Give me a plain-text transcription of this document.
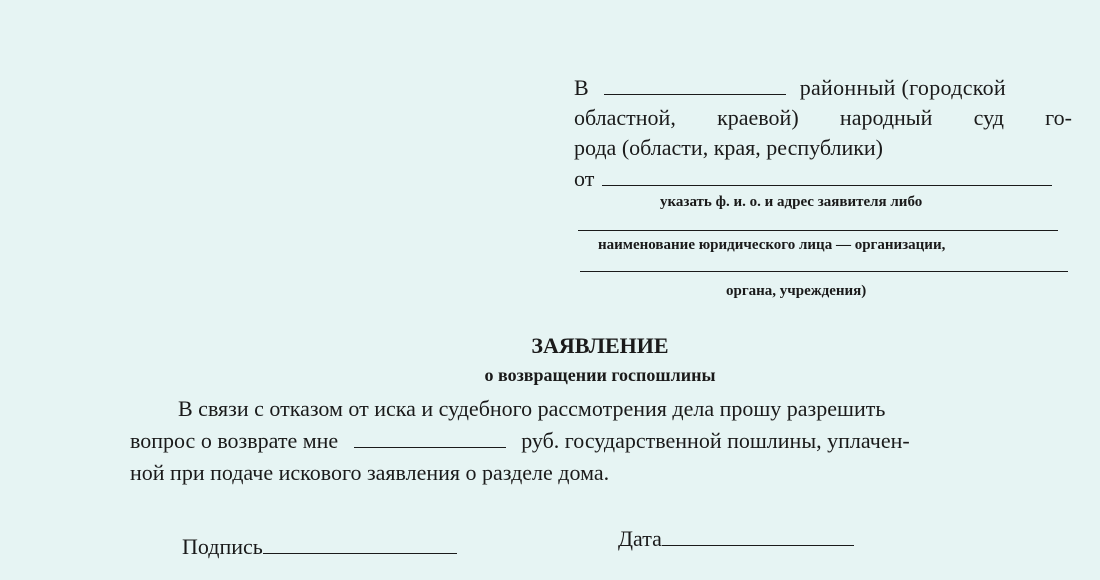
В	районный (городской
областной, краевой) народный суд го-
рода (области, края, республики)
от
указать ф. и. о. и адрес заявителя либо
наименование юридического лица — организации,
органа, учреждения)
ЗАЯВЛЕНИЕ
о возвращении госпошлины
В связи с отказом от иска и судебного рассмотрения дела прошу разрешить
вопрос о возврате мне	руб. государственной пошлины, уплачен-
ной при подаче искового заявления о разделе дома.
Подпись	Дата
